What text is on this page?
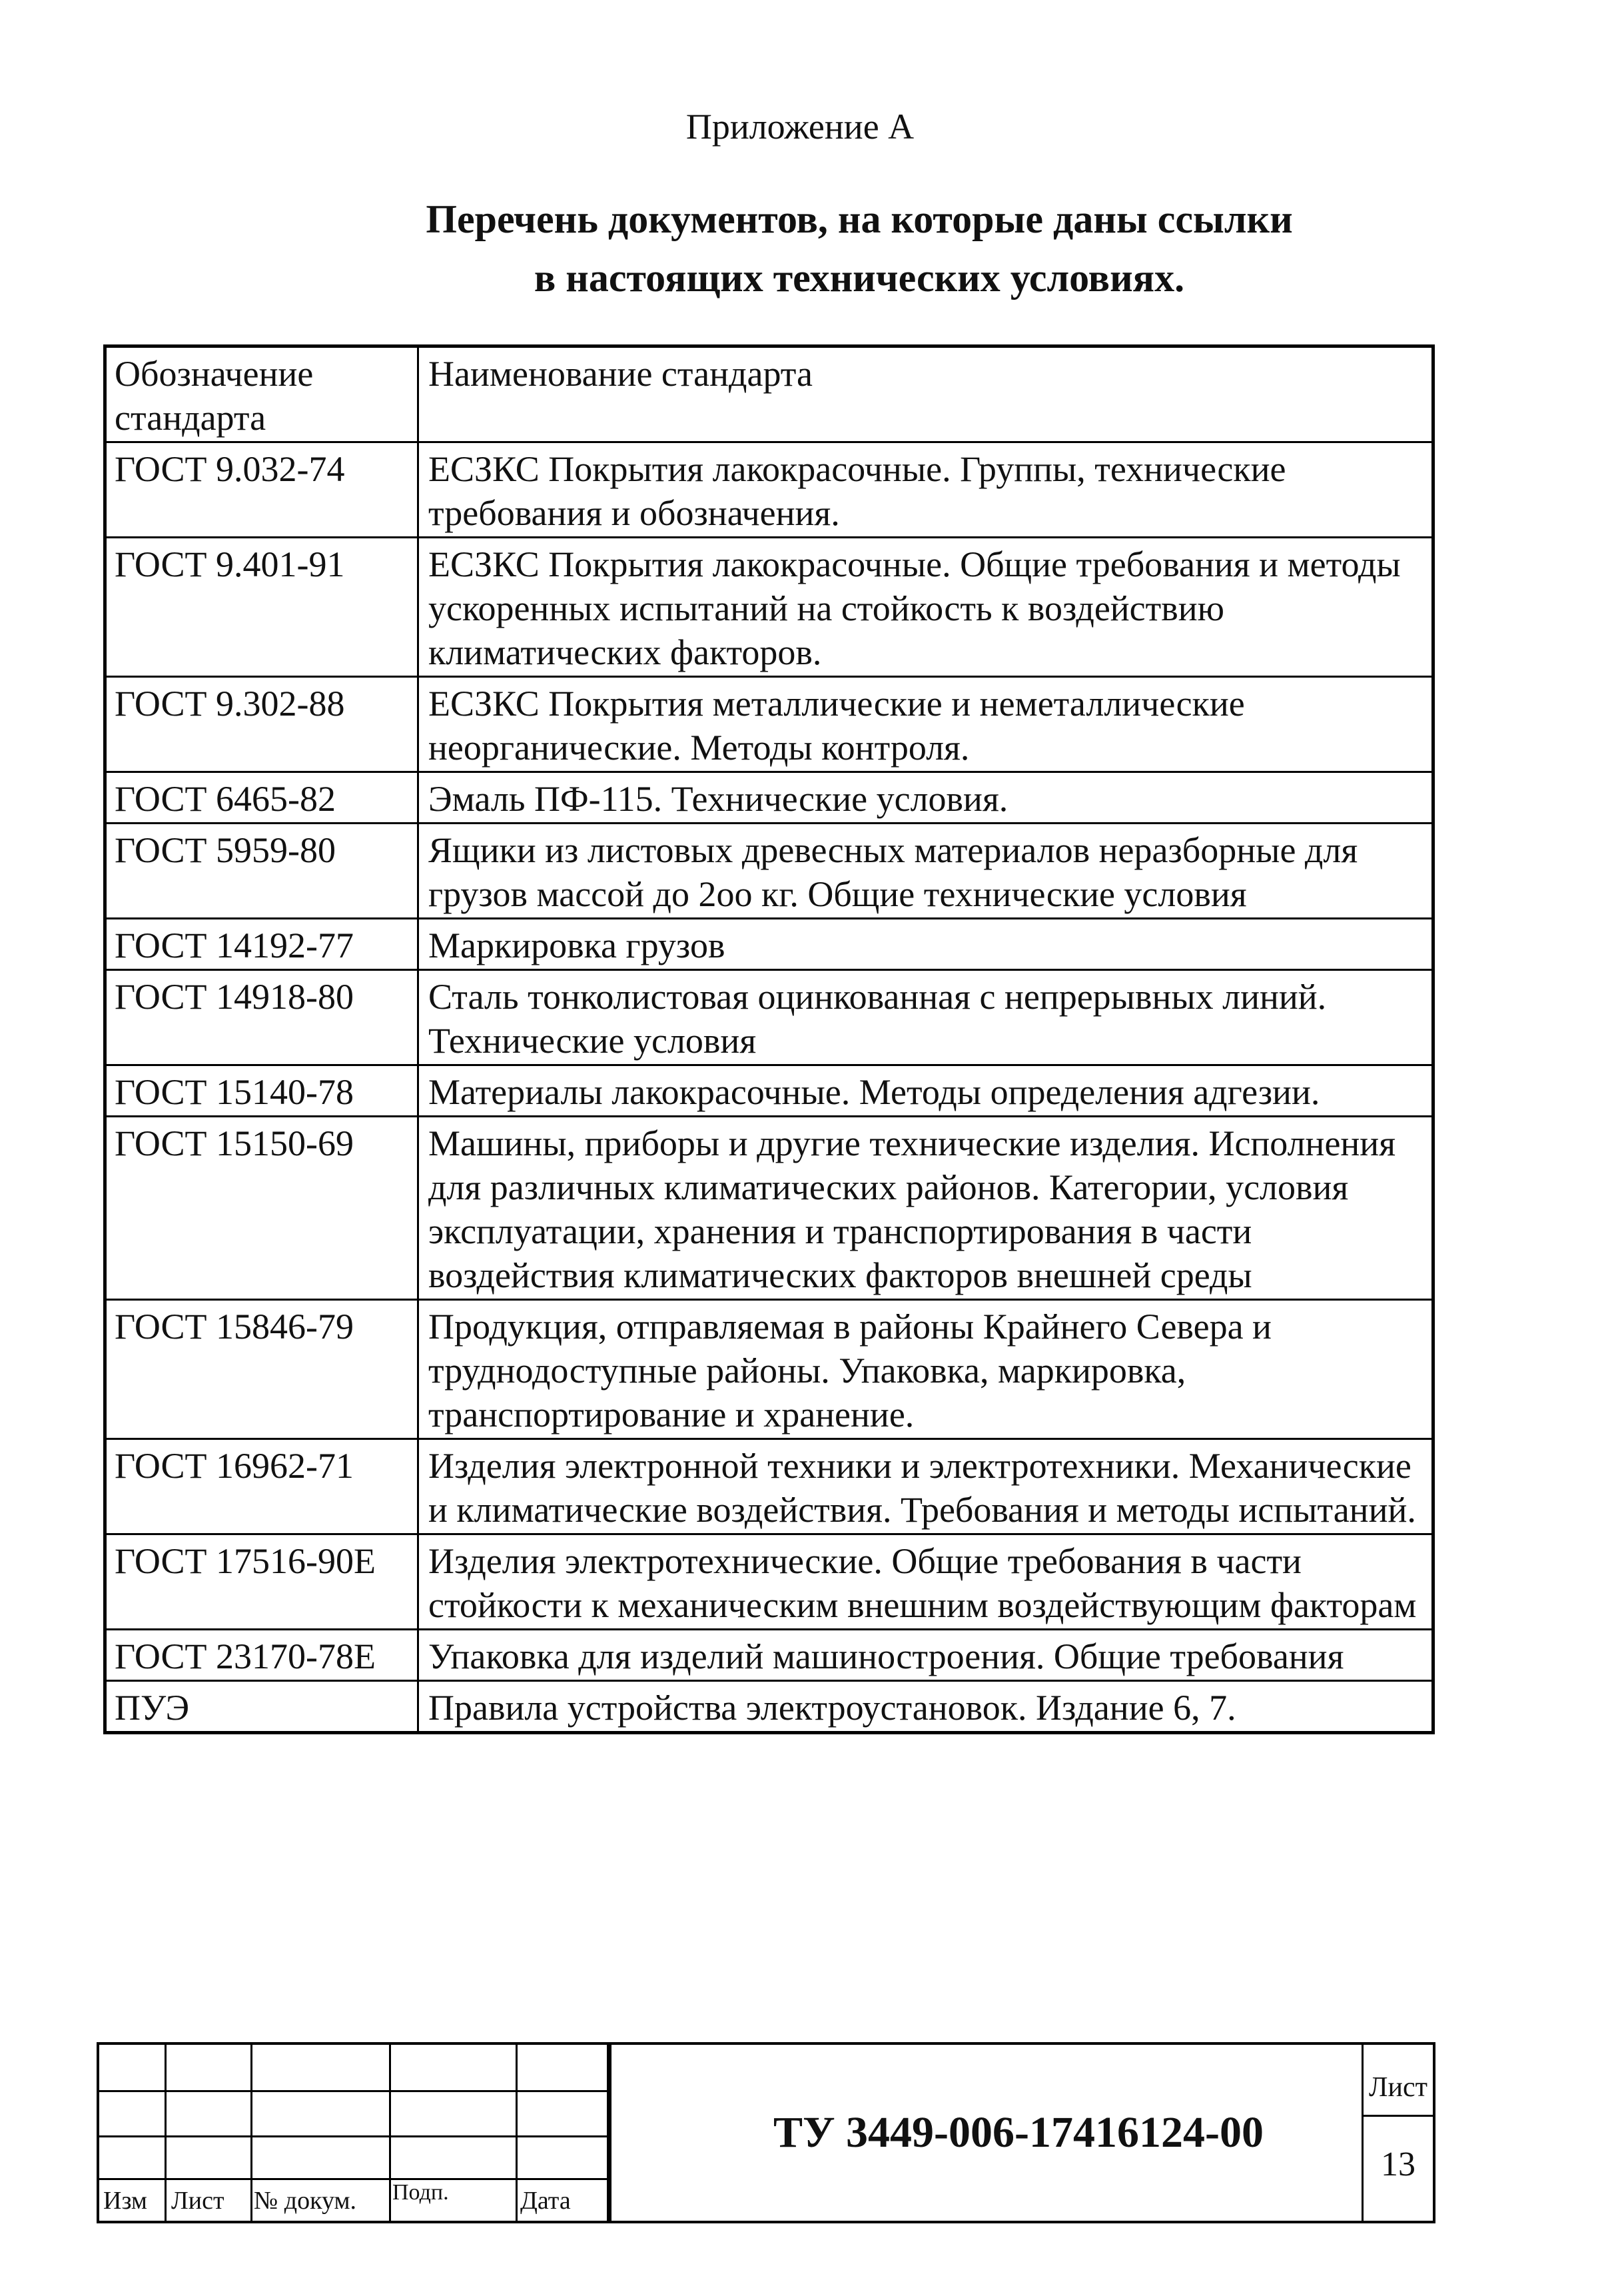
Приложение А
Перечень документов, на которые даны ссылки
в настоящих технических условиях.
Обозначение стандарта	Наименование стандарта
ГОСТ 9.032-74	ЕСЗКС Покрытия лакокрасочные. Группы, технические требования и обозначения.
ГОСТ 9.401-91	ЕСЗКС Покрытия лакокрасочные. Общие требования и методы ускоренных испытаний на стойкость к воздействию климатических факторов.
ГОСТ 9.302-88	ЕСЗКС Покрытия металлические и неметаллические неорганические. Методы контроля.
ГОСТ 6465-82	Эмаль ПФ-115. Технические условия.
ГОСТ 5959-80	Ящики из листовых древесных материалов неразборные для грузов массой до 2оо кг. Общие технические условия
ГОСТ 14192-77	Маркировка грузов
ГОСТ 14918-80	Сталь тонколистовая оцинкованная с непрерывных линий. Технические условия
ГОСТ 15140-78	Материалы лакокрасочные. Методы определения адгезии.
ГОСТ 15150-69	Машины, приборы и другие технические изделия. Исполнения для различных климатических районов. Категории, условия эксплуатации, хранения и транспортирования в части воздействия климатических факторов внешней среды
ГОСТ 15846-79	Продукция, отправляемая в районы Крайнего Севера и труднодоступные районы. Упаковка, маркировка, транспортирование и хранение.
ГОСТ 16962-71	Изделия электронной техники и электротехники. Механические и климатические воздействия. Требования и методы испытаний.
ГОСТ 17516-90Е	Изделия электротехнические. Общие требования в части стойкости к механическим внешним воздействующим факторам
ГОСТ 23170-78Е	Упаковка для изделий машиностроения. Общие требования
ПУЭ	Правила устройства электроустановок. Издание 6, 7.
Изм Лист № докум. Подп.	Дата
ТУ 3449-006-17416124-00
Лист
13
